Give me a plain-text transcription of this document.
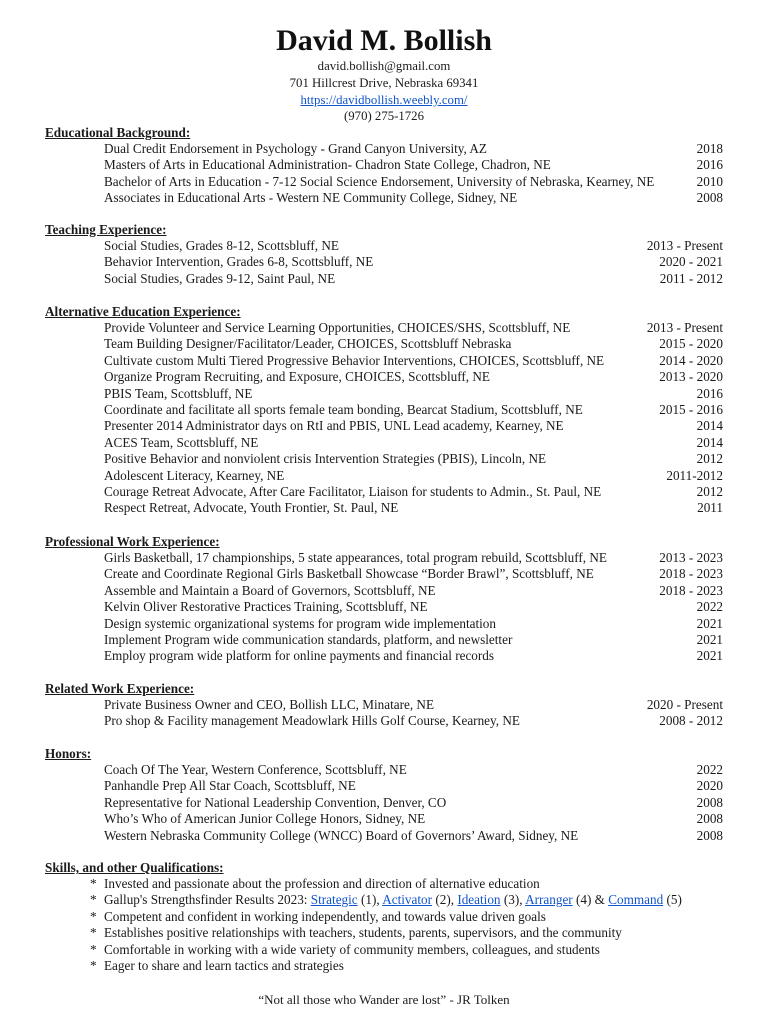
David M. Bollish
david.bollish@gmail.com
701 Hillcrest Drive, Nebraska 69341
https://davidbollish.weebly.com/
(970) 275-1726
Educational Background:
Dual Credit Endorsement in Psychology - Grand Canyon University, AZ	2018
Masters of Arts in Educational Administration- Chadron State College, Chadron, NE	2016
Bachelor of Arts in Education - 7-12 Social Science Endorsement, University of Nebraska, Kearney, NE	2010
Associates in Educational Arts - Western NE Community College, Sidney, NE	2008
Teaching Experience:
Social Studies, Grades 8-12, Scottsbluff, NE	2013 - Present
Behavior Intervention, Grades 6-8, Scottsbluff, NE	2020 - 2021
Social Studies, Grades 9-12, Saint Paul, NE	2011 - 2012
Alternative Education Experience:
Provide Volunteer and Service Learning Opportunities, CHOICES/SHS, Scottsbluff, NE	2013 - Present
Team Building Designer/Facilitator/Leader, CHOICES, Scottsbluff Nebraska	2015 - 2020
Cultivate custom Multi Tiered Progressive Behavior Interventions, CHOICES, Scottsbluff, NE	2014 - 2020
Organize Program Recruiting, and Exposure, CHOICES, Scottsbluff, NE	2013 - 2020
PBIS Team, Scottsbluff, NE	2016
Coordinate and facilitate all sports female team bonding, Bearcat Stadium, Scottsbluff, NE	2015 - 2016
Presenter 2014 Administrator days on RtI and PBIS, UNL Lead academy, Kearney, NE	2014
ACES Team, Scottsbluff, NE	2014
Positive Behavior and nonviolent crisis Intervention Strategies (PBIS), Lincoln, NE	2012
Adolescent Literacy, Kearney, NE	2011-2012
Courage Retreat Advocate, After Care Facilitator, Liaison for students to Admin., St. Paul, NE	2012
Respect Retreat, Advocate, Youth Frontier, St. Paul, NE	2011
Professional Work Experience:
Girls Basketball, 17 championships, 5 state appearances, total program rebuild, Scottsbluff, NE	2013 - 2023
Create and Coordinate Regional Girls Basketball Showcase “Border Brawl”, Scottsbluff, NE	2018 - 2023
Assemble and Maintain a Board of Governors, Scottsbluff, NE	2018 - 2023
Kelvin Oliver Restorative Practices Training, Scottsbluff, NE	2022
Design systemic organizational systems for program wide implementation	2021
Implement Program wide communication standards, platform, and newsletter	2021
Employ program wide platform for online payments and financial records	2021
Related Work Experience:
Private Business Owner and CEO, Bollish LLC, Minatare, NE	2020 - Present
Pro shop & Facility management Meadowlark Hills Golf Course, Kearney, NE	2008 - 2012
Honors:
Coach Of The Year, Western Conference, Scottsbluff, NE	2022
Panhandle Prep All Star Coach, Scottsbluff, NE	2020
Representative for National Leadership Convention, Denver, CO	2008
Who’s Who of American Junior College Honors, Sidney, NE	2008
Western Nebraska Community College (WNCC) Board of Governors’ Award, Sidney, NE	2008
Skills, and other Qualifications:
* Invested and passionate about the profession and direction of alternative education
* Gallup's Strengthsfinder Results 2023: Strategic (1), Activator (2), Ideation (3), Arranger (4) & Command (5)
* Competent and confident in working independently, and towards value driven goals
* Establishes positive relationships with teachers, students, parents, supervisors, and the community
* Comfortable in working with a wide variety of community members, colleagues, and students
* Eager to share and learn tactics and strategies
“Not all those who Wander are lost” - JR Tolken
